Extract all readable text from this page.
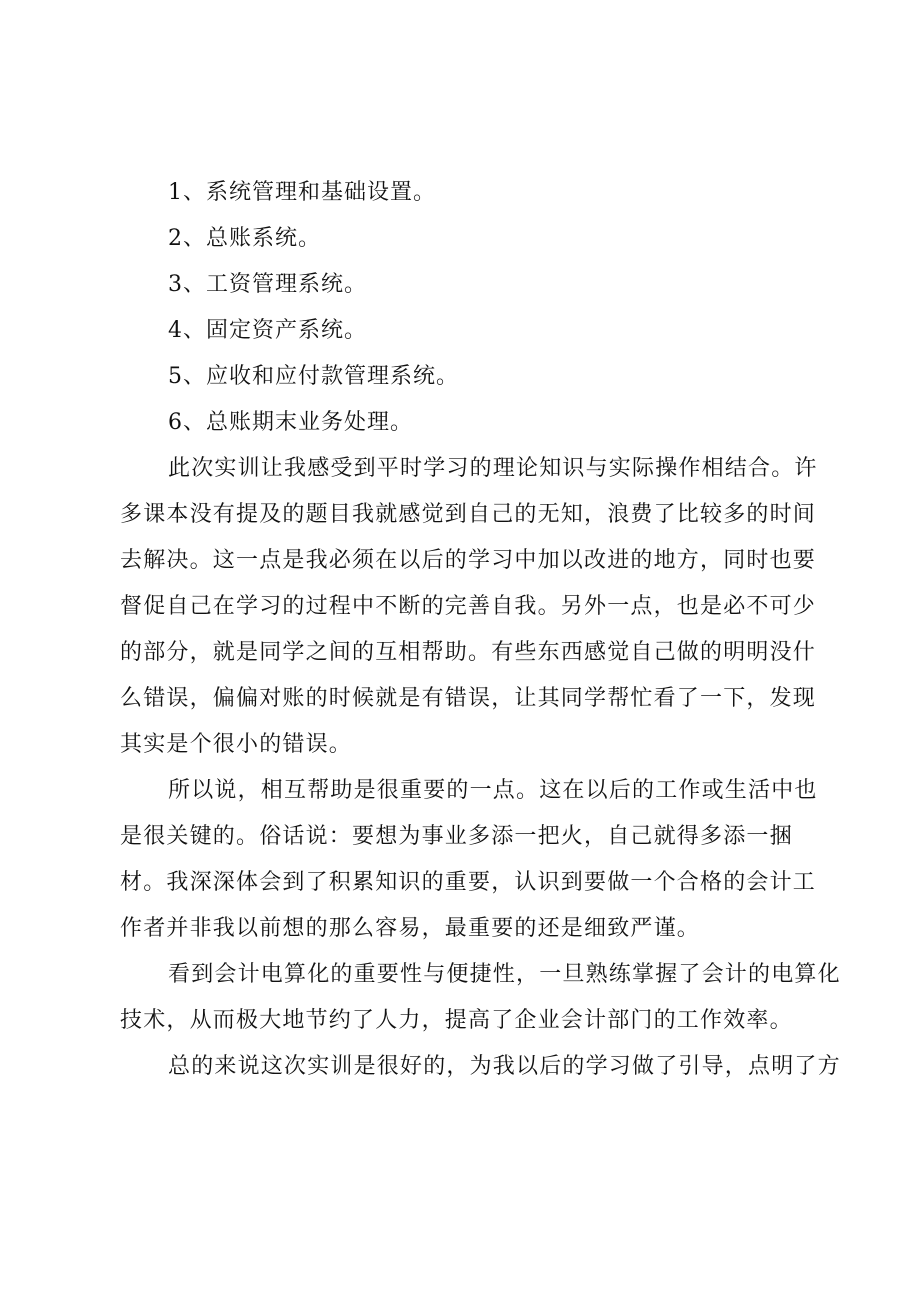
1、系统管理和基础设置。

2、总账系统。

3、工资管理系统。

4、固定资产系统。

5、应收和应付款管理系统。

6、总账期末业务处理。

此次实训让我感受到平时学习的理论知识与实际操作相结合。许
多课本没有提及的题目我就感觉到自己的无知，浪费了比较多的时间
去解决。这一点是我必须在以后的学习中加以改进的地方，同时也要
督促自己在学习的过程中不断的完善自我。另外一点，也是必不可少
的部分，就是同学之间的互相帮助。有些东西感觉自己做的明明没什
么错误，偏偏对账的时候就是有错误，让其同学帮忙看了一下，发现
其实是个很小的错误。
所以说，相互帮助是很重要的一点。这在以后的工作或生活中也
是很关键的。俗话说：要想为事业多添一把火，自己就得多添一捆
材。我深深体会到了积累知识的重要，认识到要做一个合格的会计工
作者并非我以前想的那么容易，最重要的还是细致严谨。
看到会计电算化的重要性与便捷性，一旦熟练掌握了会计的电算化
技术，从而极大地节约了人力，提高了企业会计部门的工作效率。
总的来说这次实训是很好的，为我以后的学习做了引导，点明了方
